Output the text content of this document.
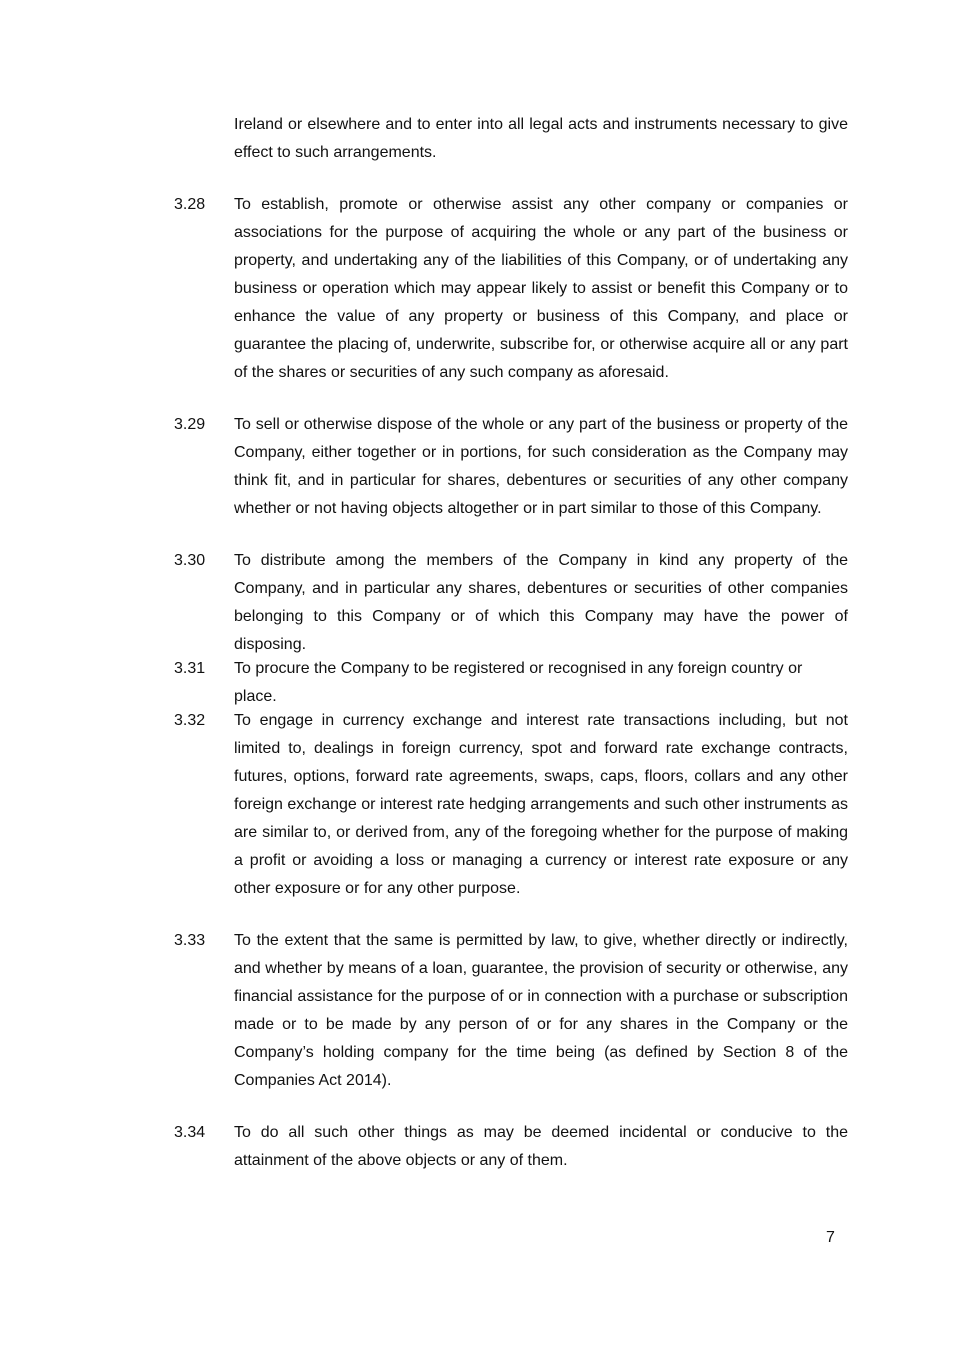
Ireland or elsewhere and to enter into all legal acts and instruments necessary to give effect to such arrangements.
3.28 To establish, promote or otherwise assist any other company or companies or associations for the purpose of acquiring the whole or any part of the business or property, and undertaking any of the liabilities of this Company, or of undertaking any business or operation which may appear likely to assist or benefit this Company or to enhance the value of any property or business of this Company, and place or guarantee the placing of, underwrite, subscribe for, or otherwise acquire all or any part of the shares or securities of any such company as aforesaid.
3.29 To sell or otherwise dispose of the whole or any part of the business or property of the Company, either together or in portions, for such consideration as the Company may think fit, and in particular for shares, debentures or securities of any other company whether or not having objects altogether or in part similar to those of this Company.
3.30 To distribute among the members of the Company in kind any property of the Company, and in particular any shares, debentures or securities of other companies belonging to this Company or of which this Company may have the power of disposing.
3.31 To procure the Company to be registered or recognised in any foreign country or place.
3.32 To engage in currency exchange and interest rate transactions including, but not limited to, dealings in foreign currency, spot and forward rate exchange contracts, futures, options, forward rate agreements, swaps, caps, floors, collars and any other foreign exchange or interest rate hedging arrangements and such other instruments as are similar to, or derived from, any of the foregoing whether for the purpose of making a profit or avoiding a loss or managing a currency or interest rate exposure or any other exposure or for any other purpose.
3.33 To the extent that the same is permitted by law, to give, whether directly or indirectly, and whether by means of a loan, guarantee, the provision of security or otherwise, any financial assistance for the purpose of or in connection with a purchase or subscription made or to be made by any person of or for any shares in the Company or the Company’s holding company for the time being (as defined by Section 8 of the Companies Act 2014).
3.34 To do all such other things as may be deemed incidental or conducive to the attainment of the above objects or any of them.
7
